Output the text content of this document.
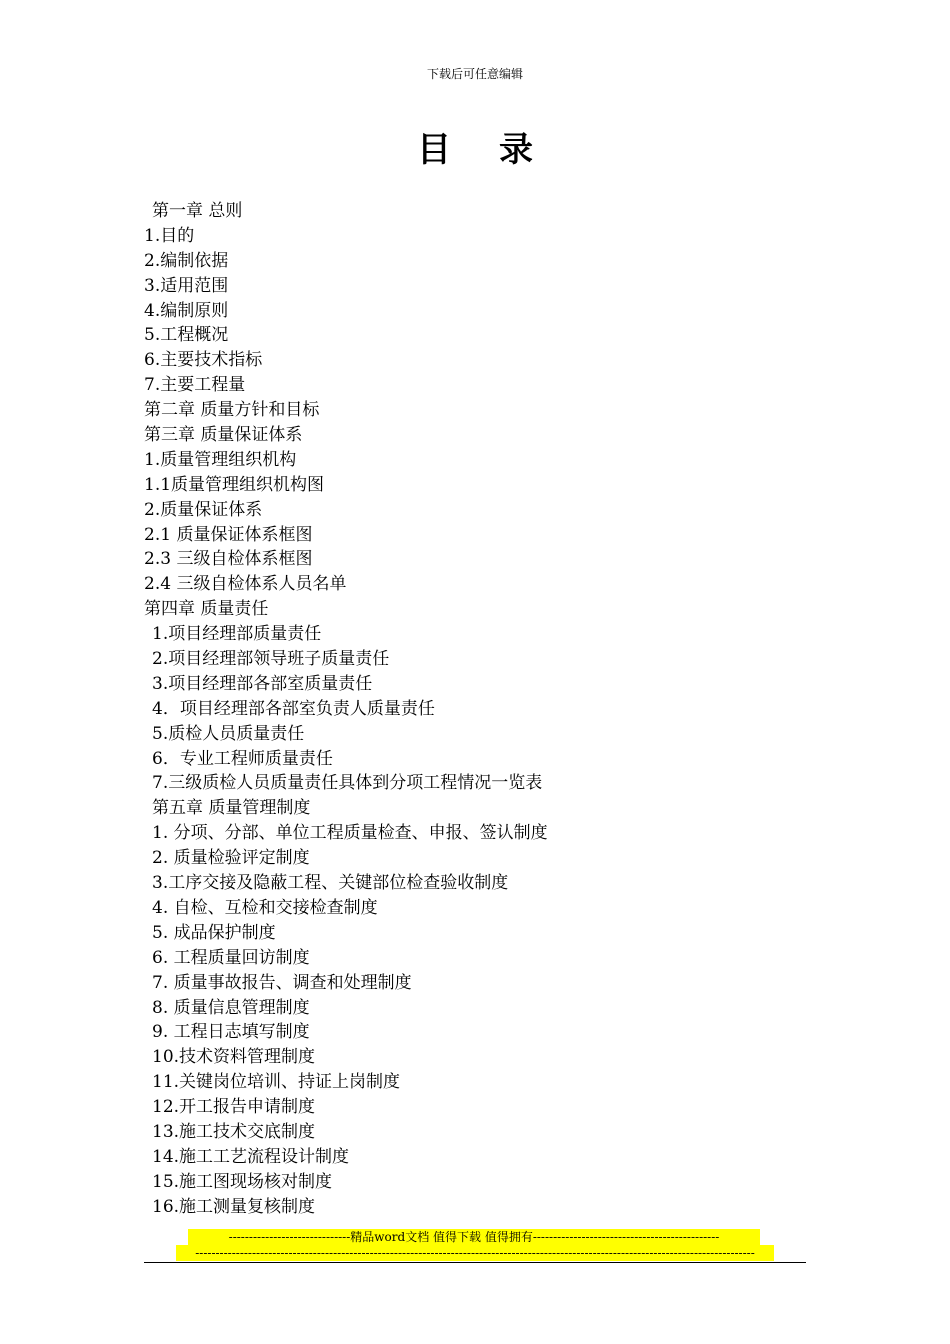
下载后可任意编辑
目录
第一章 总则
1.目的
2.编制依据
3.适用范围
4.编制原则
5.工程概况
6.主要技术指标
7.主要工程量
第二章 质量方针和目标
第三章 质量保证体系
1.质量管理组织机构
1.1质量管理组织机构图
2.质量保证体系
2.1 质量保证体系框图
2.3 三级自检体系框图
2.4 三级自检体系人员名单
第四章 质量责任
1.项目经理部质量责任
2.项目经理部领导班子质量责任
3.项目经理部各部室质量责任
4．项目经理部各部室负责人质量责任
5.质检人员质量责任
6．专业工程师质量责任
7.三级质检人员质量责任具体到分项工程情况一览表
第五章 质量管理制度
1. 分项、分部、单位工程质量检查、申报、签认制度
2. 质量检验评定制度
3.工序交接及隐蔽工程、关键部位检查验收制度
4. 自检、互检和交接检查制度
5. 成品保护制度
6. 工程质量回访制度
7. 质量事故报告、调查和处理制度
8. 质量信息管理制度
9. 工程日志填写制度
10.技术资料管理制度
11.关键岗位培训、持证上岗制度
12.开工报告申请制度
13.施工技术交底制度
14.施工工艺流程设计制度
15.施工图现场核对制度
16.施工测量复核制度
------------------------------精品word文档 值得下载 值得拥有----------------------------------------------
------------------------------------------------------------------------------------------------------------------------------------------
